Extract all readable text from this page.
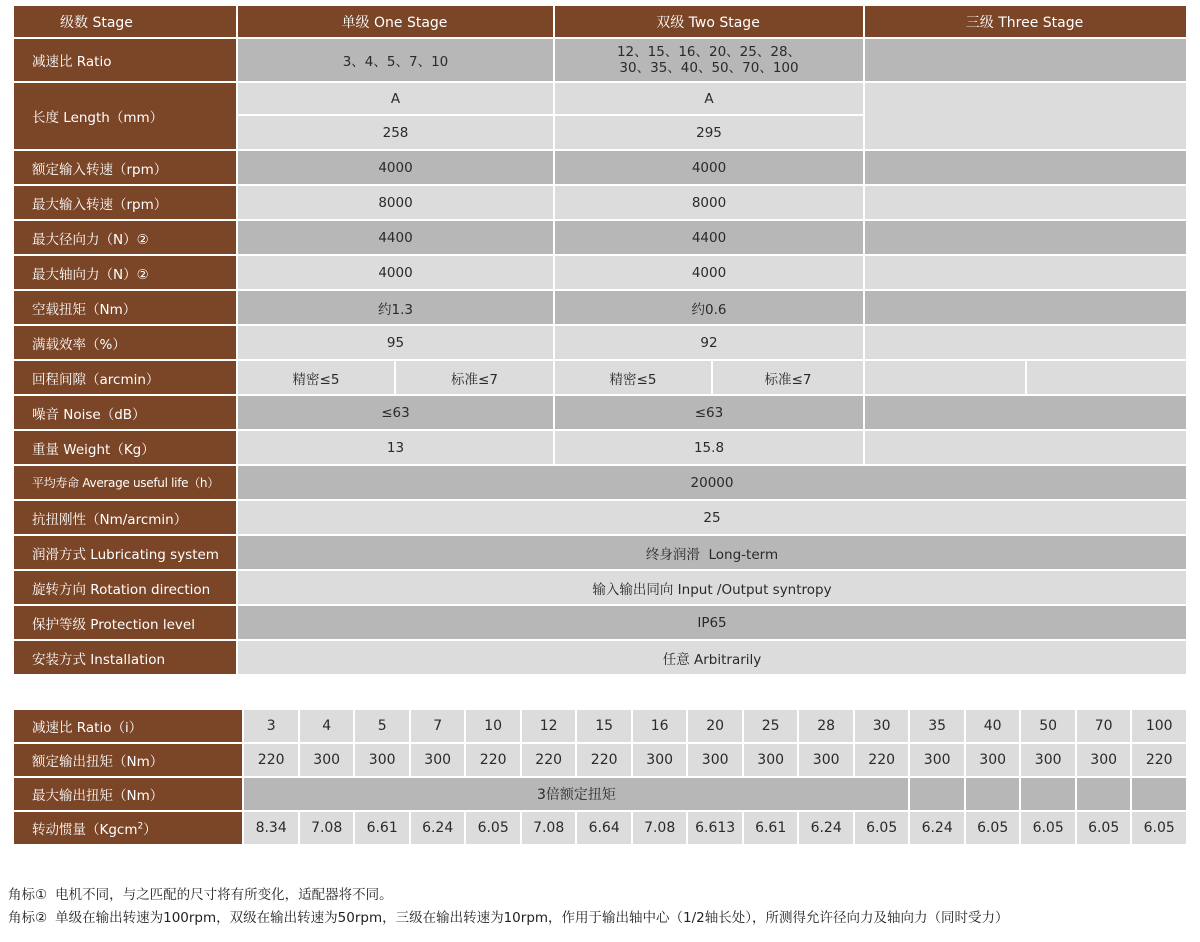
级数 Stage	单级 One Stage		双级 Two Stage		三级 Three Stage	
减速比 Ratio	3、4、5、7、10		12、15、16、20、25、28、
30、35、40、50、70、100			

长度 Length（mm）	A		A			
	258		295			
额定输入转速（rpm）	4000		4000			
最大输入转速（rpm）	8000		8000			
最大径向力（N）②	4400		4400			
最大轴向力（N）②	4000		4000			
空载扭矩（Nm）	约1.3		约0.6			
满载效率（%）	95		92			
回程间隙（arcmin）	精密≤5	标准≤7	精密≤5	标准≤7		
噪音 Noise（dB）	≤63		≤63			
重量 Weight（Kg）	13		15.8			
平均寿命 Average useful life（h）	20000					
抗扭刚性（Nm/arcmin）	25					
润滑方式 Lubricating system	终身润滑  Long-term					
旋转方向 Rotation direction	输入输出同向 Input /Output syntropy					
保护等级 Protection level	IP65					
安装方式 Installation	任意 Arbitrarily					
减速比 Ratio（i）	3	4	5	7	10	12	15	16	20	25	28	30	35	40	50	70	100
额定输出扭矩（Nm）	220	300	300	300	220	220	220	300	300	300	300	220	300	300	300	300	220
最大输出扭矩（Nm）	3倍额定扭矩																
转动惯量（Kgcm$^2$）	8.34	7.08	6.61	6.24	6.05	7.08	6.64	7.08	6.613	6.61	6.24	6.05	6.24	6.05	6.05	6.05	6.05
角标① 电机不同，与之匹配的尺寸将有所变化，适配器将不同。
角标② 单级在输出转速为100rpm，双级在输出转速为50rpm，三级在输出转速为10rpm，作用于输出轴中心（1/2轴长处），所测得允许径向力及轴向力（同时受力）
